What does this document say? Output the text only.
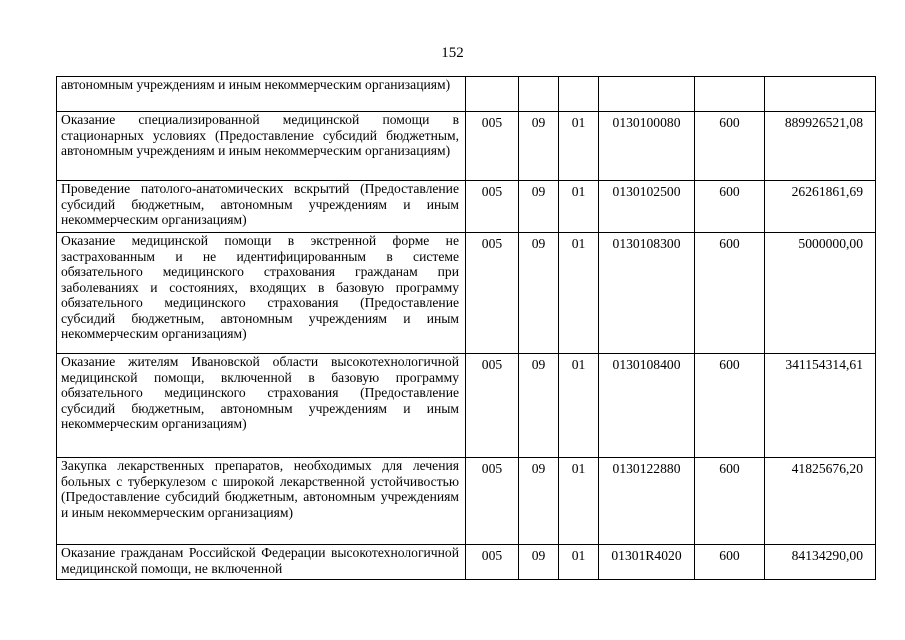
152
автономным учреждениям и иным некоммерческим организациям)						
Оказание специализированной медицинской помощи в стационарных условиях (Предоставление субсидий бюджетным, автономным учреждениям и иным некоммерческим организациям)	005	09	01	0130100080	600	889926521,08
Проведение патолого-анатомических вскрытий (Предоставление субсидий бюджетным, автономным учреждениям и иным некоммерческим организациям)	005	09	01	0130102500	600	26261861,69
Оказание медицинской помощи в экстренной форме не застрахованным и не идентифицированным в системе обязательного медицинского страхования гражданам при заболеваниях и состояниях, входящих в базовую программу обязательного медицинского страхования (Предоставление субсидий бюджетным, автономным учреждениям и иным некоммерческим организациям)	005	09	01	0130108300	600	5000000,00
Оказание жителям Ивановской области высокотехнологичной медицинской помощи, включенной в базовую программу обязательного медицинского страхования (Предоставление субсидий бюджетным, автономным учреждениям и иным некоммерческим организациям)	005	09	01	0130108400	600	341154314,61
Закупка лекарственных препаратов, необходимых для лечения больных с туберкулезом с широкой лекарственной устойчивостью (Предоставление субсидий бюджетным, автономным учреждениям и иным некоммерческим организациям)	005	09	01	0130122880	600	41825676,20
Оказание гражданам Российской Федерации высокотехнологичной медицинской помощи, не включенной	005	09	01	01301R4020	600	84134290,00
